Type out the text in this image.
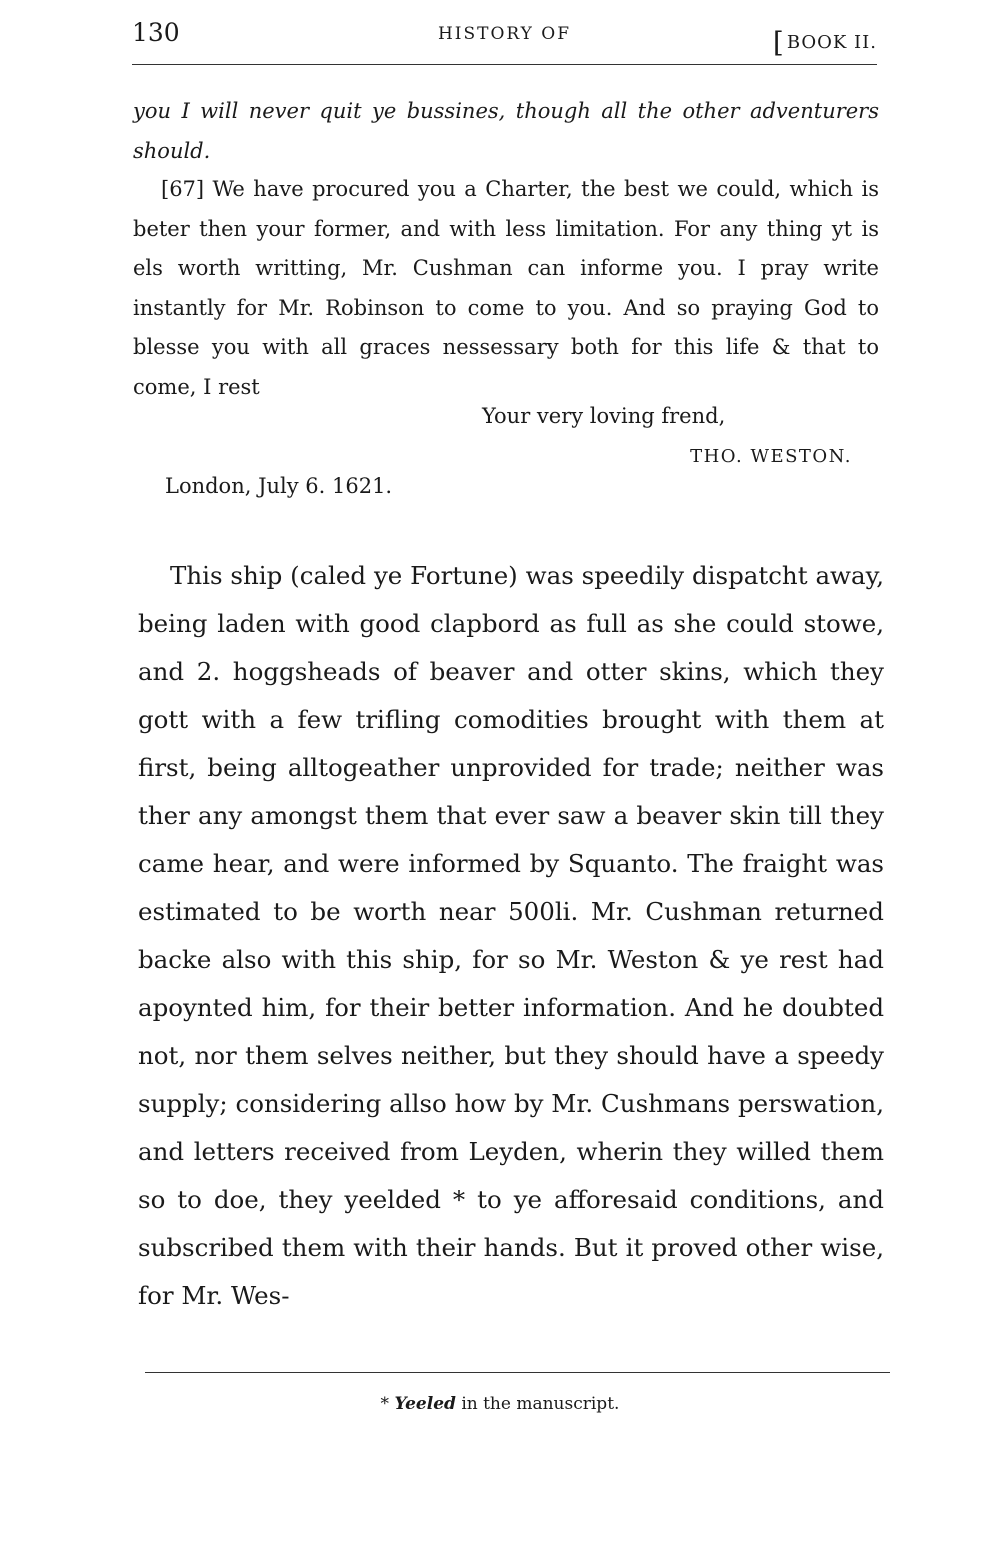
130	HISTORY OF	[ BOOK II.

you I will never quit ye bussines, though all the other adventurers should.

[67] We have procured you a Charter, the best we could, which is beter then your former, and with less limitation. For any thing yt is els worth writting, Mr. Cushman can informe you. I pray write instantly for Mr. Robinson to come to you. And so praying God to blesse you with all graces nessessary both for this life & that to come, I rest

Your very loving frend,
THO. WESTON.
London, July 6. 1621.

This ship (caled ye Fortune) was speedily dispatcht away, being laden with good clapbord as full as she could stowe, and 2. hoggsheads of beaver and otter skins, which they gott with a few trifling comodities brought with them at first, being alltogeather unprovided for trade; neither was ther any amongst them that ever saw a beaver skin till they came hear, and were informed by Squanto. The fraight was estimated to be worth near 500li. Mr. Cushman returned backe also with this ship, for so Mr. Weston & ye rest had apoynted him, for their better information. And he doubted not, nor them selves neither, but they should have a speedy supply; considering allso how by Mr. Cushmans perswation, and letters received from Leyden, wherin they willed them so to doe, they yeelded * to ye afforesaid conditions, and subscribed them with their hands. But it proved other wise, for Mr. Wes-

* Yeeled in the manuscript.
